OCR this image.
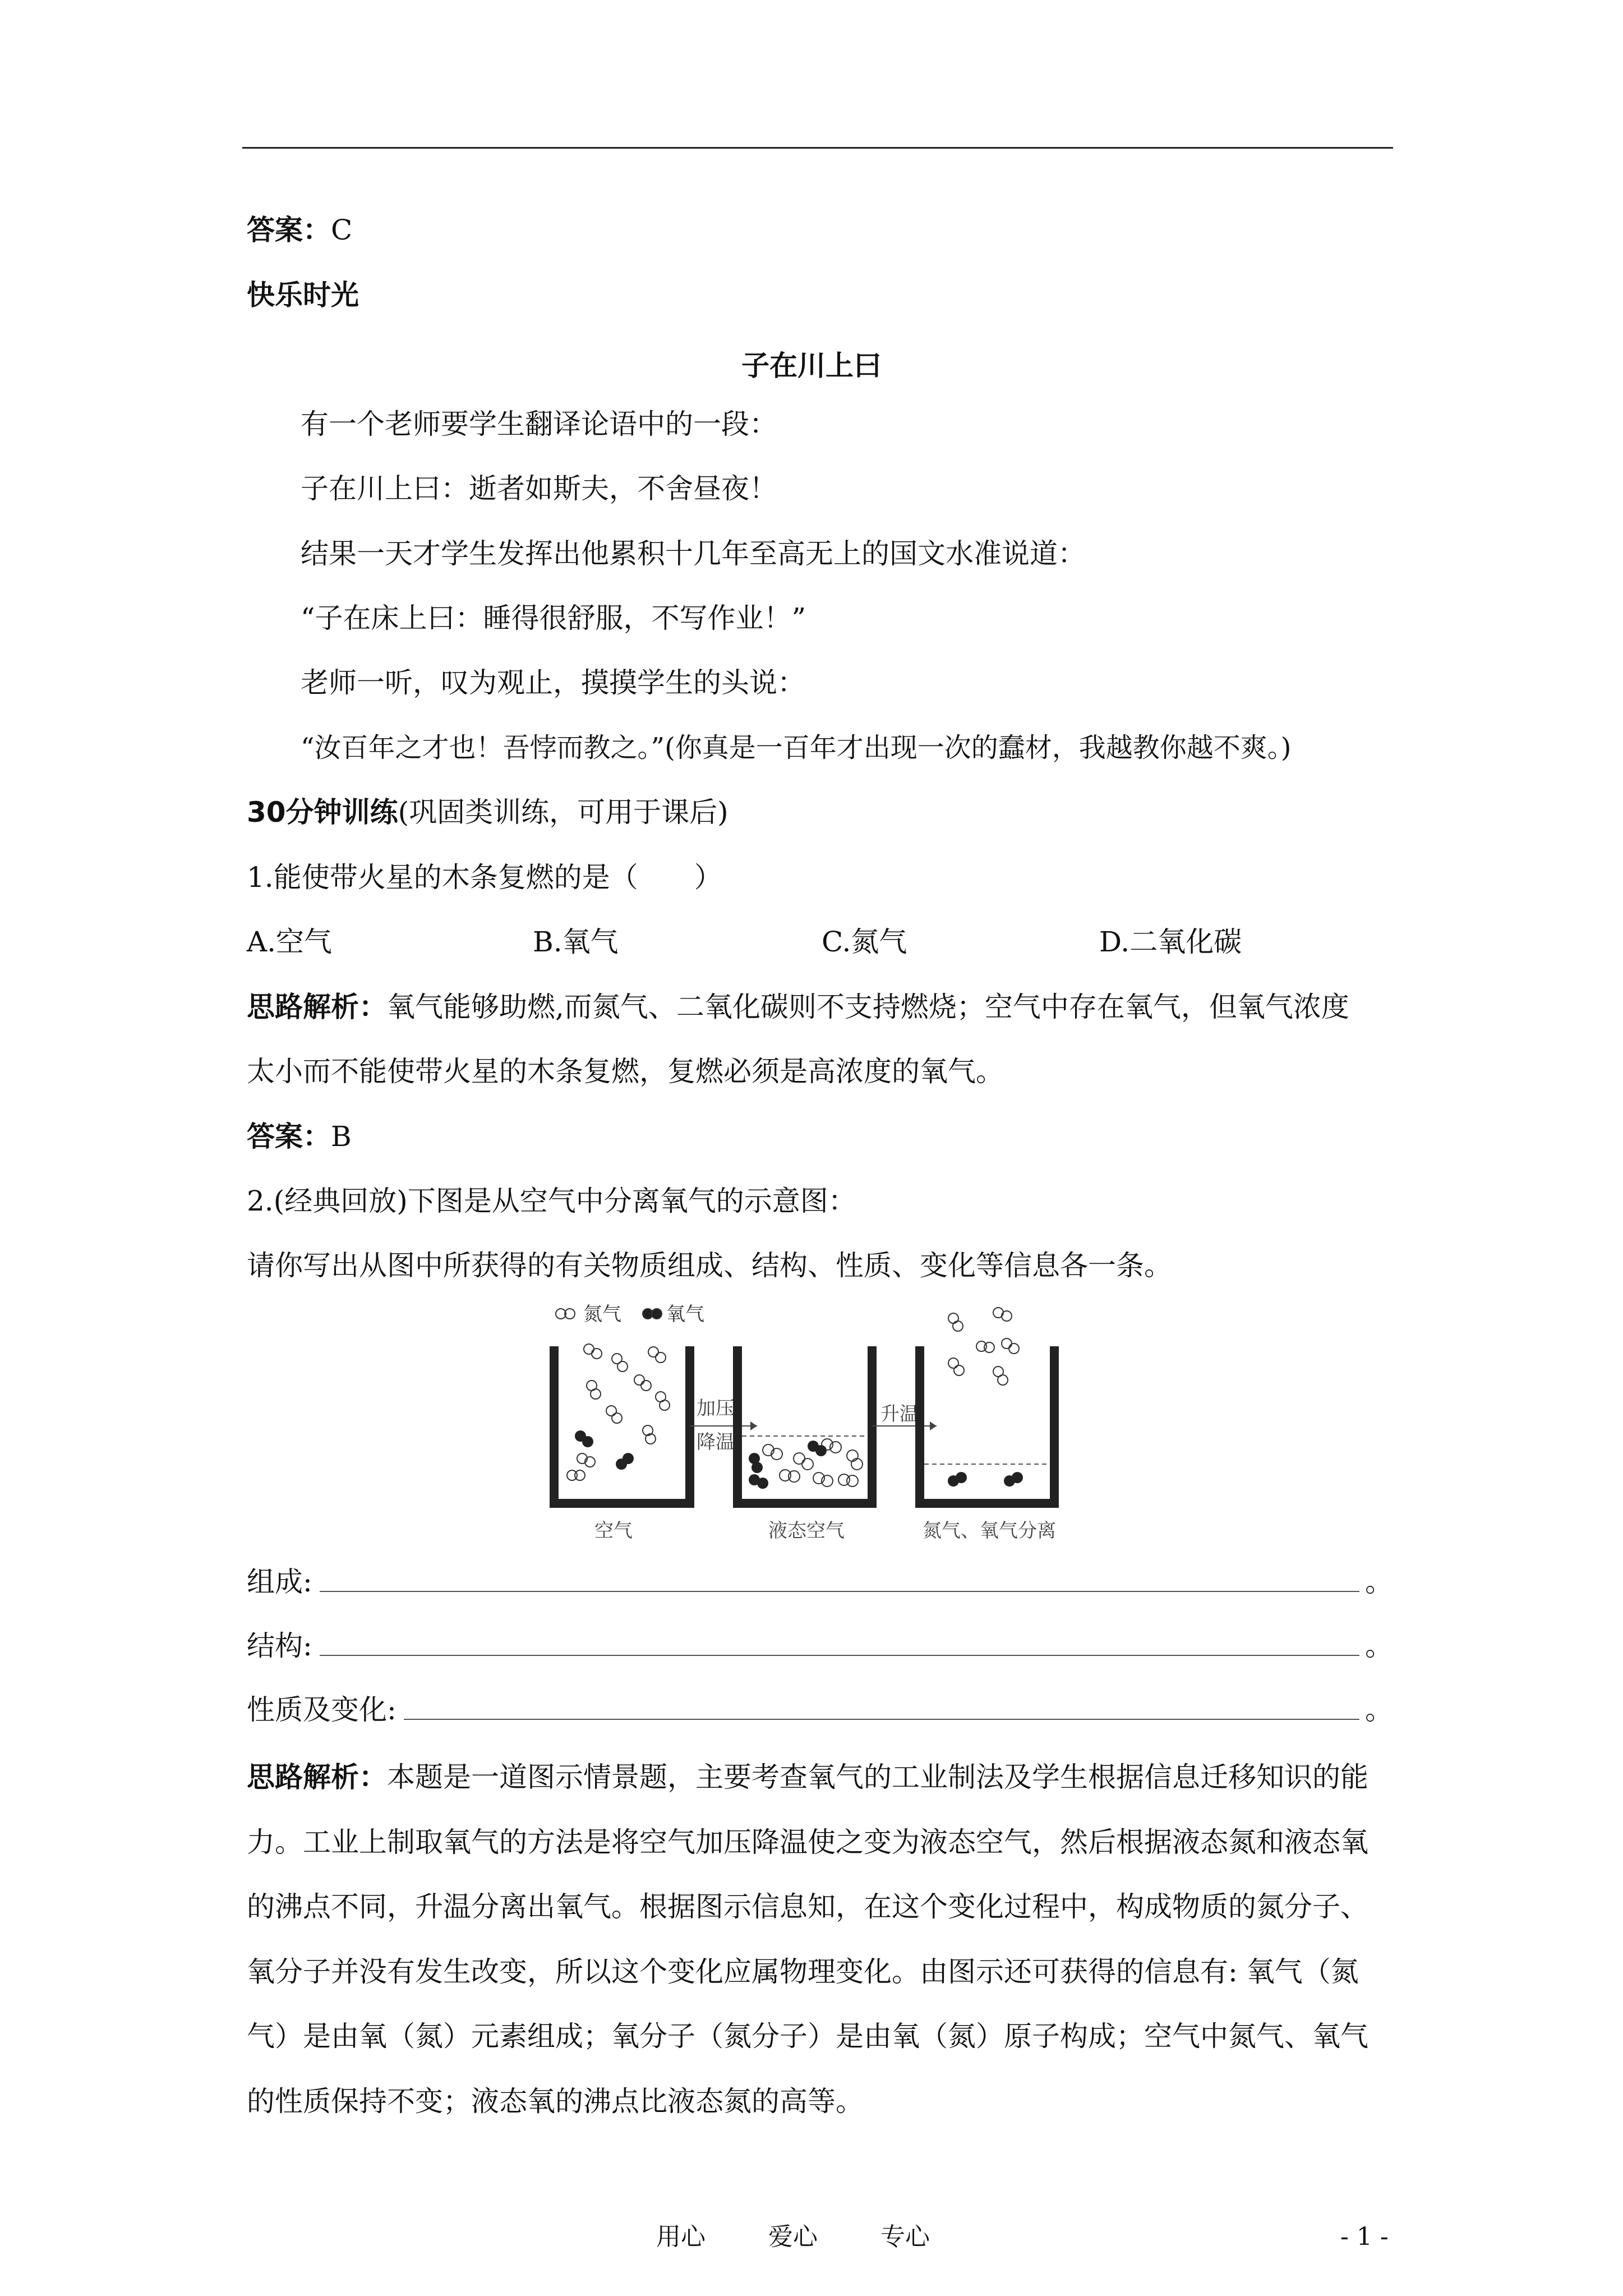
答案：C
快乐时光
子在川上曰
有一个老师要学生翻译论语中的一段：
子在川上曰：逝者如斯夫，不舍昼夜！
结果一天才学生发挥出他累积十几年至高无上的国文水准说道：
“子在床上曰：睡得很舒服，不写作业！”
老师一听，叹为观止，摸摸学生的头说：
“汝百年之才也！吾悖而教之。”(你真是一百年才出现一次的蠢材，我越教你越不爽。)
30分钟训练(巩固类训练，可用于课后)
1.能使带火星的木条复燃的是（　　）
A.空气	B.氧气	C.氮气	D.二氧化碳
思路解析：氧气能够助燃,而氮气、二氧化碳则不支持燃烧；空气中存在氧气，但氧气浓度
太小而不能使带火星的木条复燃，复燃必须是高浓度的氧气。
答案：B
2.(经典回放)下图是从空气中分离氧气的示意图：
请你写出从图中所获得的有关物质组成、结构、性质、变化等信息各一条。
氮气 氧气
加压
降温
升温
空气	液态空气	氮气、氧气分离
组成:	。
结构:	。
性质及变化:	。
思路解析：本题是一道图示情景题，主要考查氧气的工业制法及学生根据信息迁移知识的能
力。工业上制取氧气的方法是将空气加压降温使之变为液态空气，然后根据液态氮和液态氧
的沸点不同，升温分离出氧气。根据图示信息知，在这个变化过程中，构成物质的氮分子、
氧分子并没有发生改变，所以这个变化应属物理变化。由图示还可获得的信息有: 氧气（氮
气）是由氧（氮）元素组成；氧分子（氮分子）是由氧（氮）原子构成；空气中氮气、氧气
的性质保持不变；液态氧的沸点比液态氮的高等。
用心	爱心	专心	- 1 -
